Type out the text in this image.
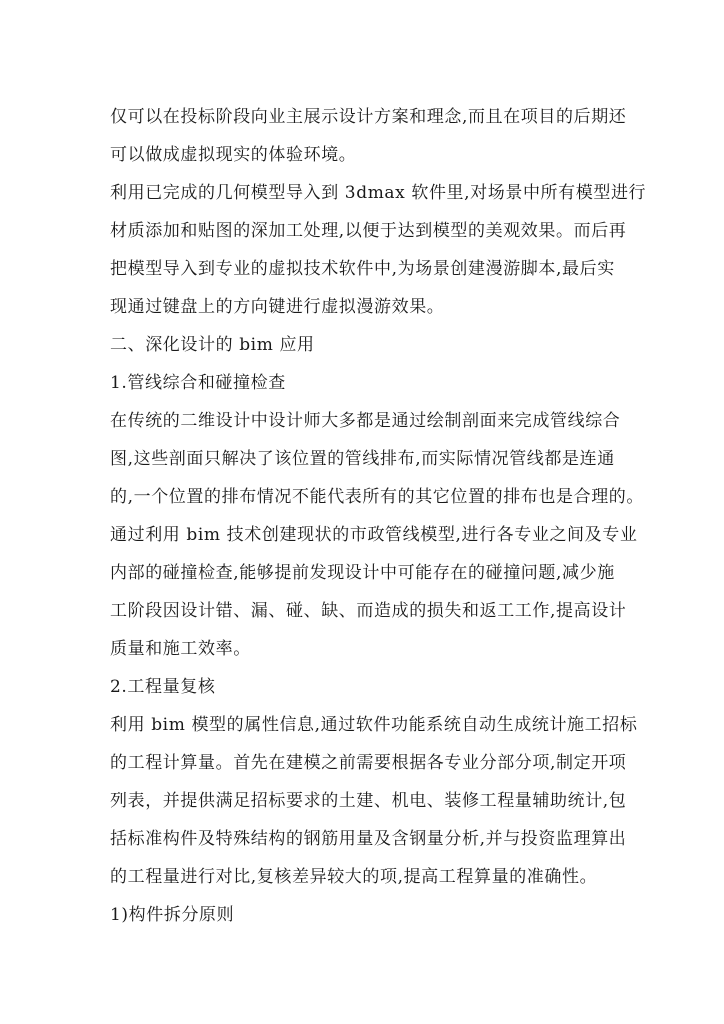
仅可以在投标阶段向业主展示设计方案和理念,而且在项目的后期还
可以做成虚拟现实的体验环境。
利用已完成的几何模型导入到 3dmax 软件里,对场景中所有模型进行
材质添加和贴图的深加工处理,以便于达到模型的美观效果。而后再
把模型导入到专业的虚拟技术软件中,为场景创建漫游脚本,最后实
现通过键盘上的方向键进行虚拟漫游效果。
二、深化设计的 bim 应用
1.管线综合和碰撞检查
在传统的二维设计中设计师大多都是通过绘制剖面来完成管线综合
图,这些剖面只解决了该位置的管线排布,而实际情况管线都是连通
的,一个位置的排布情况不能代表所有的其它位置的排布也是合理的。
通过利用 bim 技术创建现状的市政管线模型,进行各专业之间及专业
内部的碰撞检查,能够提前发现设计中可能存在的碰撞问题,减少施
工阶段因设计错、漏、碰、缺、而造成的损失和返工工作,提高设计
质量和施工效率。
2.工程量复核
利用 bim 模型的属性信息,通过软件功能系统自动生成统计施工招标
的工程计算量。首先在建模之前需要根据各专业分部分项,制定开项
列表，并提供满足招标要求的土建、机电、装修工程量辅助统计,包
括标准构件及特殊结构的钢筋用量及含钢量分析,并与投资监理算出
的工程量进行对比,复核差异较大的项,提高工程算量的准确性。
1)构件拆分原则
